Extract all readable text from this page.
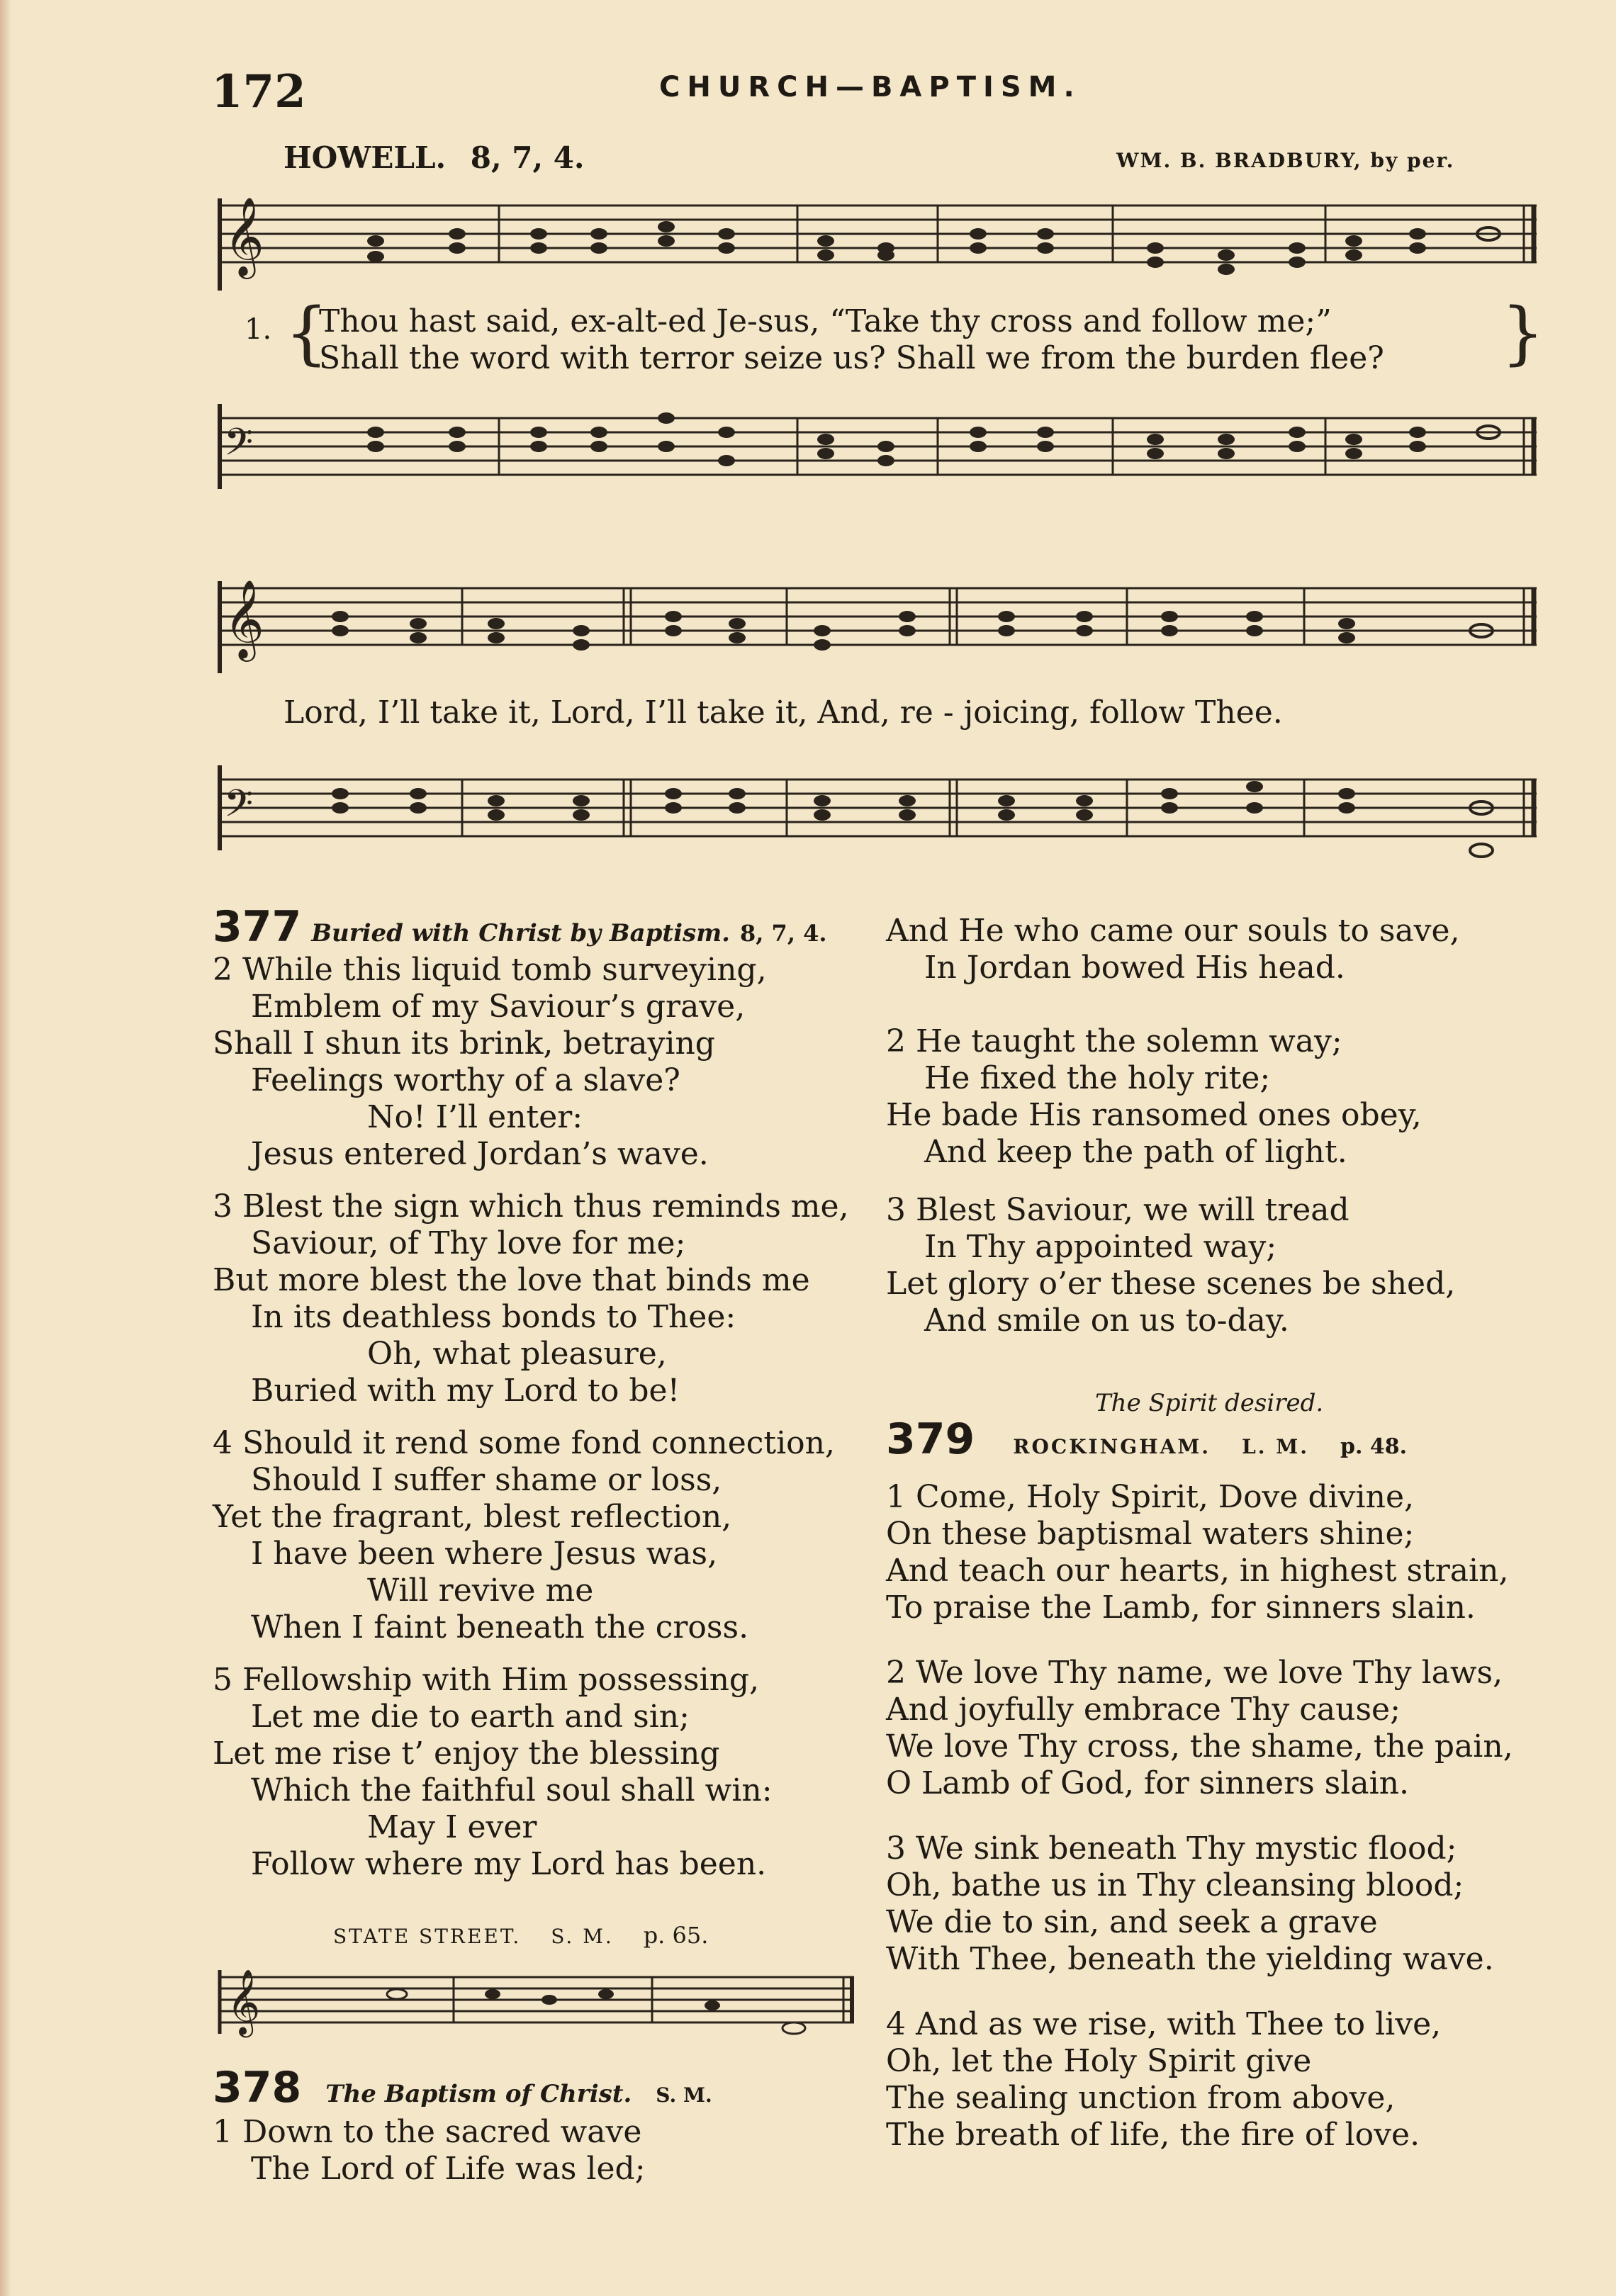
172	CHURCH—BAPTISM.
HOWELL. 8, 7, 4.	WM. B. BRADBURY, by per.
𝄞
1. {
Thou hast said, ex-alt-ed Je-sus, “Take thy cross and follow me;”
Shall the word with terror seize us? Shall we from the burden flee? }
𝄢
𝄞
Lord, I’ll take it, Lord, I’ll take it, And, re - joicing, follow Thee.
𝄢

377 Buried with Christ by Baptism. 8, 7, 4.

2 While this liquid tomb surveying,

Emblem of my Saviour’s grave,

Shall I shun its brink, betraying

Feelings worthy of a slave?

No! I’ll enter:

Jesus entered Jordan’s wave.

3 Blest the sign which thus reminds me,

Saviour, of Thy love for me;

But more blest the love that binds me

In its deathless bonds to Thee:

Oh, what pleasure,

Buried with my Lord to be!

4 Should it rend some fond connection,

Should I suffer shame or loss,

Yet the fragrant, blest reflection,

I have been where Jesus was,

Will revive me

When I faint beneath the cross.

5 Fellowship with Him possessing,

Let me die to earth and sin;

Let me rise t’ enjoy the blessing

Which the faithful soul shall win:

May I ever

Follow where my Lord has been.

STATE STREET. S. M. p. 65.
𝄞

378 The Baptism of Christ. S. M.

1 Down to the sacred wave

The Lord of Life was led;

And He who came our souls to save,

In Jordan bowed His head.

2 He taught the solemn way;

He fixed the holy rite;

He bade His ransomed ones obey,

And keep the path of light.

3 Blest Saviour, we will tread

In Thy appointed way;

Let glory o’er these scenes be shed,

And smile on us to-day.

The Spirit desired.

379 ROCKINGHAM. L. M. p. 48.

1 Come, Holy Spirit, Dove divine,

On these baptismal waters shine;

And teach our hearts, in highest strain,

To praise the Lamb, for sinners slain.

2 We love Thy name, we love Thy laws,

And joyfully embrace Thy cause;

We love Thy cross, the shame, the pain,

O Lamb of God, for sinners slain.

3 We sink beneath Thy mystic flood;

Oh, bathe us in Thy cleansing blood;

We die to sin, and seek a grave

With Thee, beneath the yielding wave.

4 And as we rise, with Thee to live,

Oh, let the Holy Spirit give

The sealing unction from above,

The breath of life, the fire of love.
